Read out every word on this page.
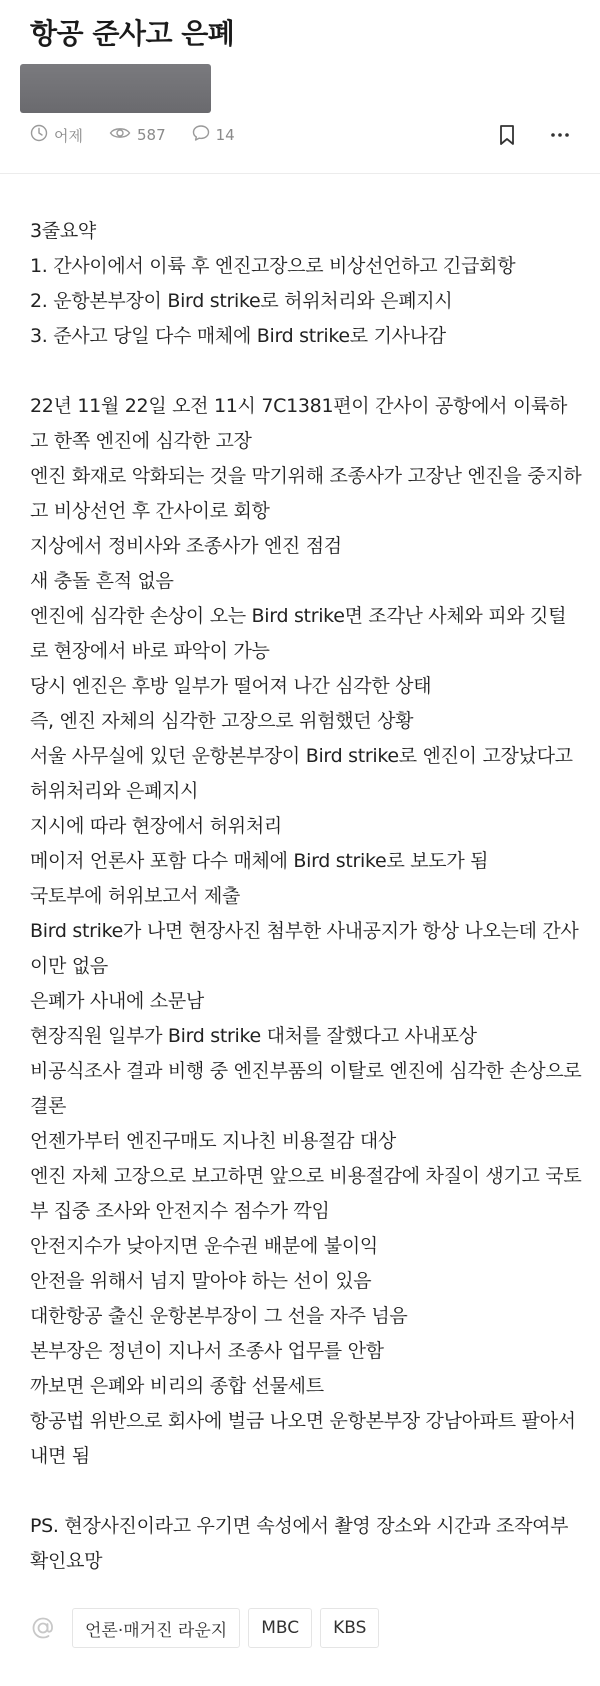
항공 준사고 은폐
어제	587	14

3줄요약

1. 간사이에서 이륙 후 엔진고장으로 비상선언하고 긴급회항

2. 운항본부장이 Bird strike로 허위처리와 은폐지시

3. 준사고 당일 다수 매체에 Bird strike로 기사나감

22년 11월 22일 오전 11시 7C1381편이 간사이 공항에서 이륙하고 한쪽 엔진에 심각한 고장

엔진 화재로 악화되는 것을 막기위해 조종사가 고장난 엔진을 중지하고 비상선언 후 간사이로 회항

지상에서 정비사와 조종사가 엔진 점검

새 충돌 흔적 없음

엔진에 심각한 손상이 오는 Bird strike면 조각난 사체와 피와 깃털로 현장에서 바로 파악이 가능

당시 엔진은 후방 일부가 떨어져 나간 심각한 상태

즉, 엔진 자체의 심각한 고장으로 위험했던 상황

서울 사무실에 있던 운항본부장이 Bird strike로 엔진이 고장났다고 허위처리와 은폐지시

지시에 따라 현장에서 허위처리

메이저 언론사 포함 다수 매체에 Bird strike로 보도가 됨

국토부에 허위보고서 제출

Bird strike가 나면 현장사진 첨부한 사내공지가 항상 나오는데 간사이만 없음

은폐가 사내에 소문남

현장직원 일부가 Bird strike 대처를 잘했다고 사내포상

비공식조사 결과 비행 중 엔진부품의 이탈로 엔진에 심각한 손상으로 결론

언젠가부터 엔진구매도 지나친 비용절감 대상

엔진 자체 고장으로 보고하면 앞으로 비용절감에 차질이 생기고 국토부 집중 조사와 안전지수 점수가 깍임

안전지수가 낮아지면 운수권 배분에 불이익

안전을 위해서 넘지 말아야 하는 선이 있음

대한항공 출신 운항본부장이 그 선을 자주 넘음

본부장은 정년이 지나서 조종사 업무를 안함

까보면 은폐와 비리의 종합 선물세트

항공법 위반으로 회사에 벌금 나오면 운항본부장 강남아파트 팔아서 내면 됨

PS. 현장사진이라고 우기면 속성에서 촬영 장소와 시간과 조작여부 확인요망

언론·매거진 라운지	MBC	KBS
